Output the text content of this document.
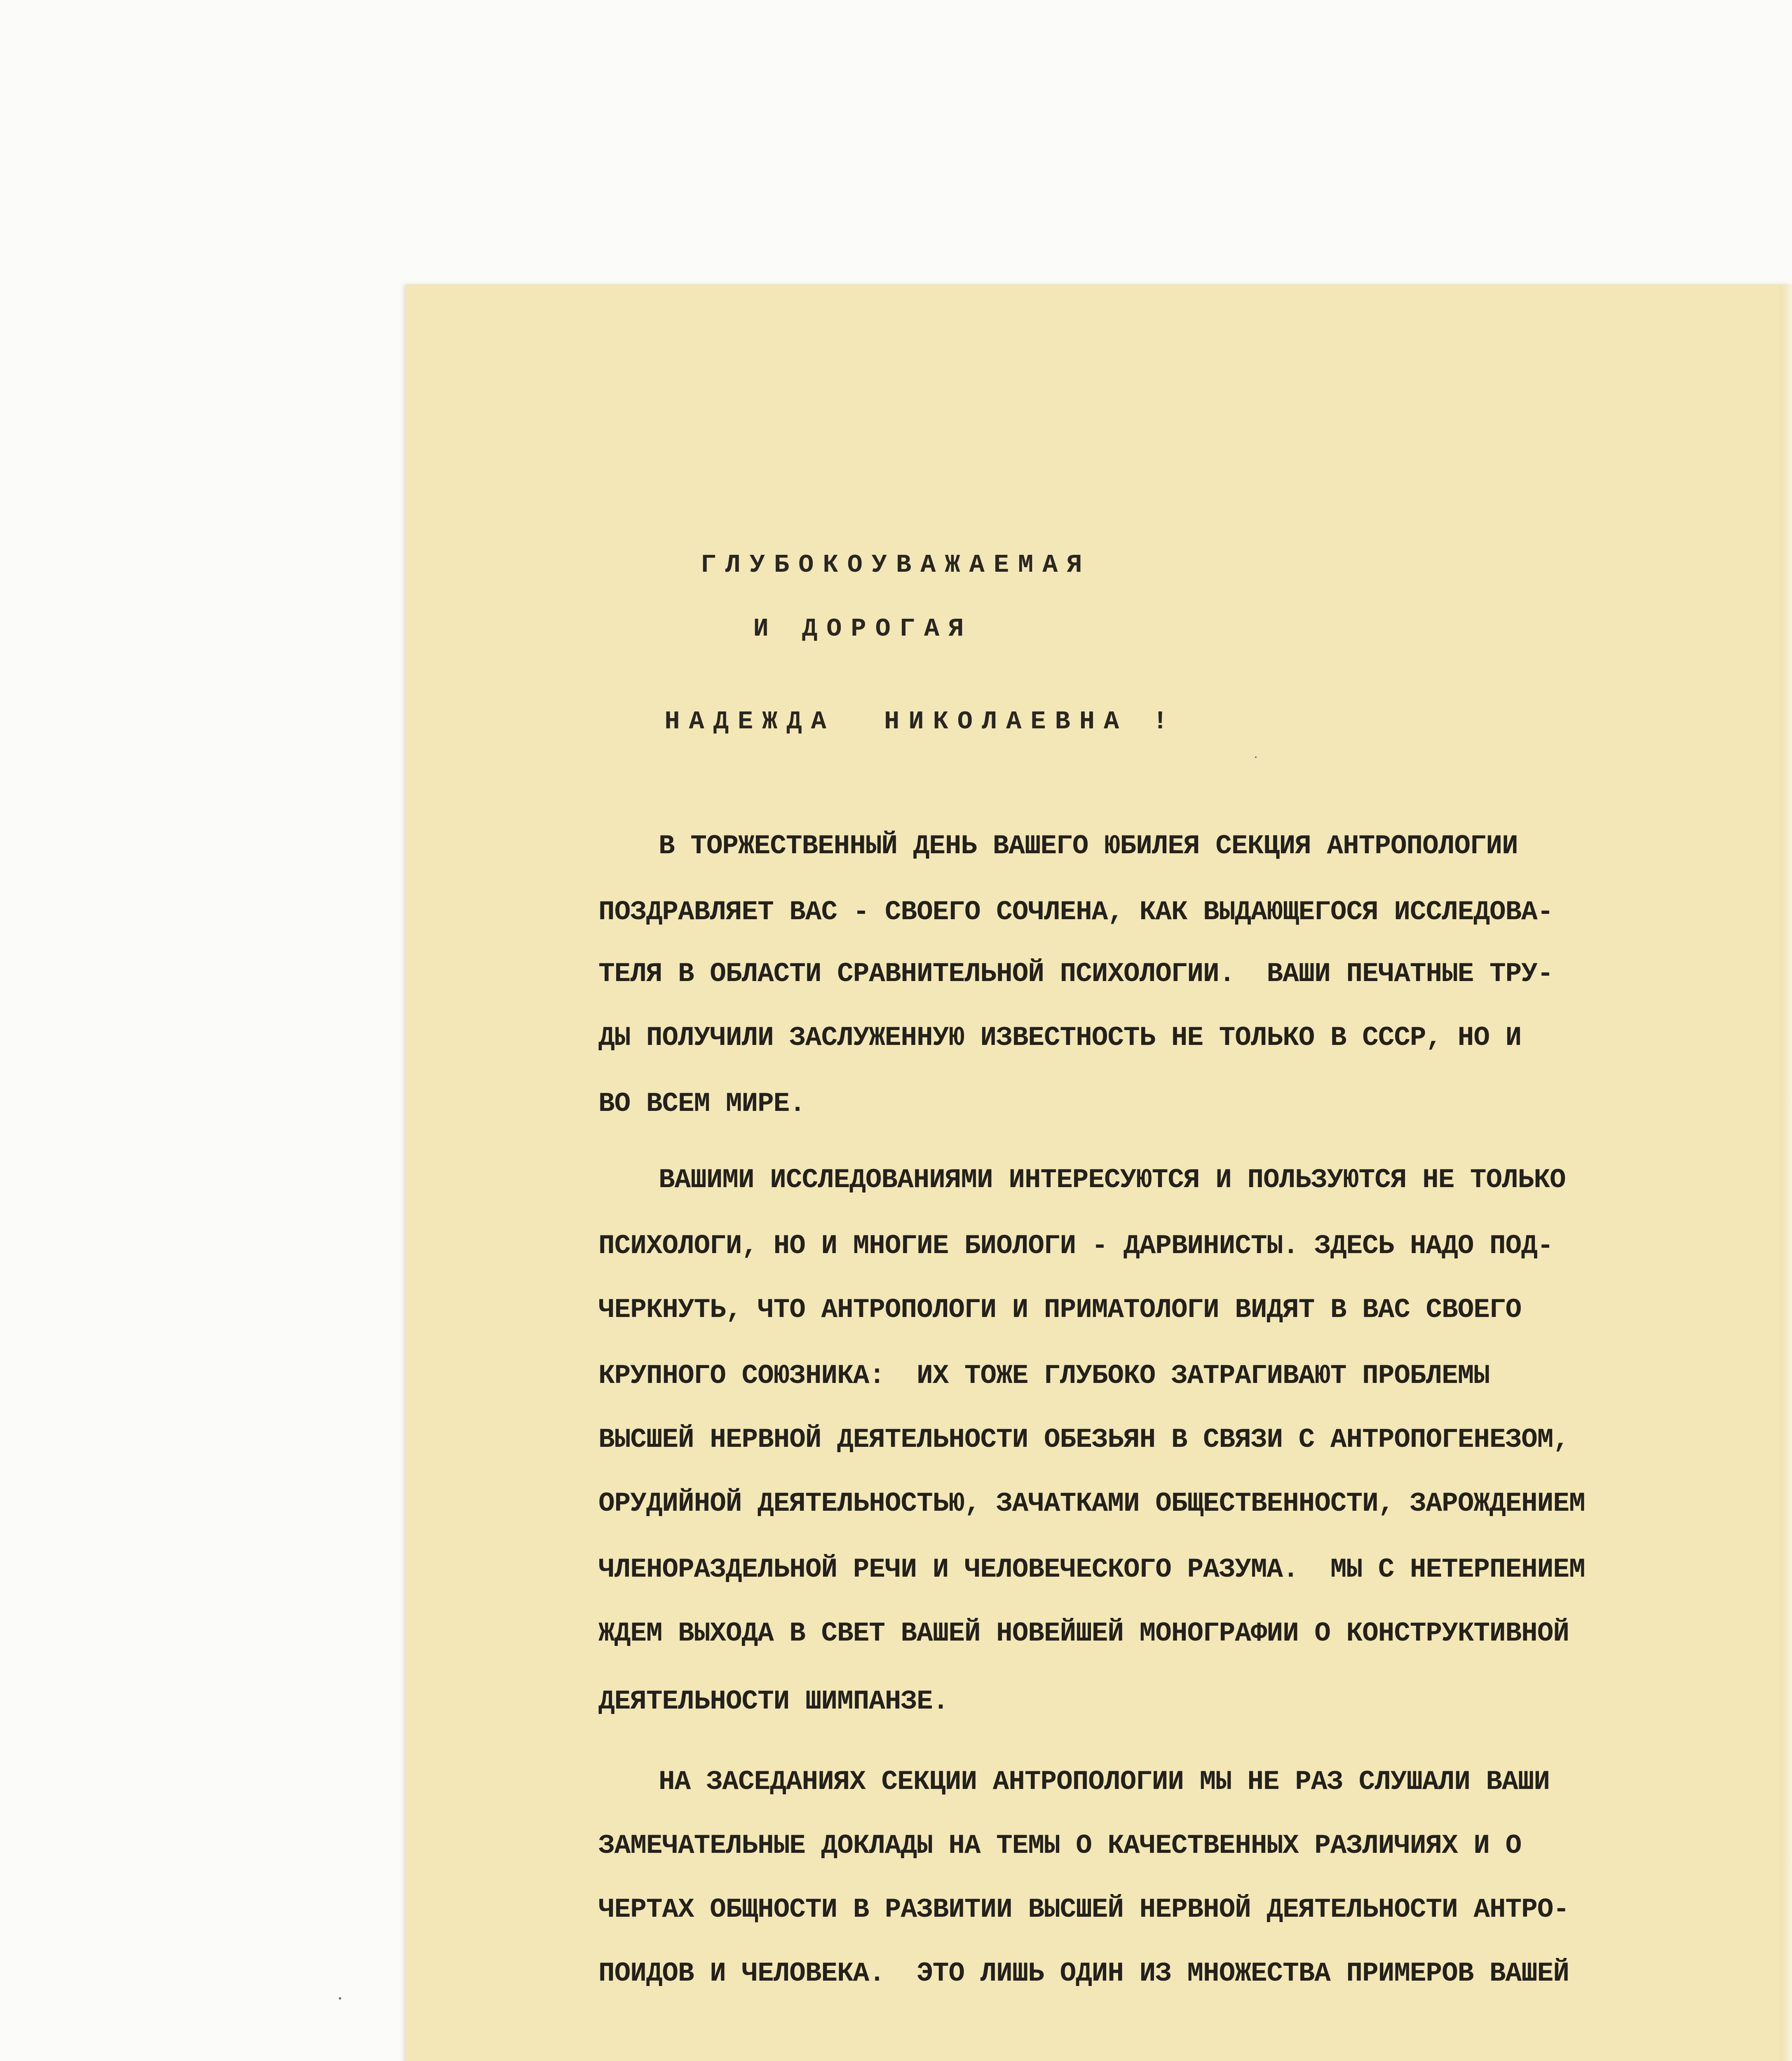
ГЛУБОКОУВАЖАЕМАЯ
И ДОРОГАЯ
НАДЕЖДА  НИКОЛАЕВНА !
В ТОРЖЕСТВЕННЫЙ ДЕНЬ ВАШЕГО ЮБИЛЕЯ СЕКЦИЯ АНТРОПОЛОГИИ
ПОЗДРАВЛЯЕТ ВАС - СВОЕГО СОЧЛЕНА, КАК ВЫДАЮЩЕГОСЯ ИССЛЕДОВА-
ТЕЛЯ В ОБЛАСТИ СРАВНИТЕЛЬНОЙ ПСИХОЛОГИИ.  ВАШИ ПЕЧАТНЫЕ ТРУ-
ДЫ ПОЛУЧИЛИ ЗАСЛУЖЕННУЮ ИЗВЕСТНОСТЬ НЕ ТОЛЬКО В СССР, НО И
ВО ВСЕМ МИРЕ.
ВАШИМИ ИССЛЕДОВАНИЯМИ ИНТЕРЕСУЮТСЯ И ПОЛЬЗУЮТСЯ НЕ ТОЛЬКО
ПСИХОЛОГИ, НО И МНОГИЕ БИОЛОГИ - ДАРВИНИСТЫ. ЗДЕСЬ НАДО ПОД-
ЧЕРКНУТЬ, ЧТО АНТРОПОЛОГИ И ПРИМАТОЛОГИ ВИДЯТ В ВАС СВОЕГО
КРУПНОГО СОЮЗНИКА:  ИХ ТОЖЕ ГЛУБОКО ЗАТРАГИВАЮТ ПРОБЛЕМЫ
ВЫСШЕЙ НЕРВНОЙ ДЕЯТЕЛЬНОСТИ ОБЕЗЬЯН В СВЯЗИ С АНТРОПОГЕНЕЗОМ,
ОРУДИЙНОЙ ДЕЯТЕЛЬНОСТЬЮ, ЗАЧАТКАМИ ОБЩЕСТВЕННОСТИ, ЗАРОЖДЕНИЕМ
ЧЛЕНОРАЗДЕЛЬНОЙ РЕЧИ И ЧЕЛОВЕЧЕСКОГО РАЗУМА.  МЫ С НЕТЕРПЕНИЕМ
ЖДЕМ ВЫХОДА В СВЕТ ВАШЕЙ НОВЕЙШЕЙ МОНОГРАФИИ О КОНСТРУКТИВНОЙ
ДЕЯТЕЛЬНОСТИ ШИМПАНЗЕ.
НА ЗАСЕДАНИЯХ СЕКЦИИ АНТРОПОЛОГИИ МЫ НЕ РАЗ СЛУШАЛИ ВАШИ
ЗАМЕЧАТЕЛЬНЫЕ ДОКЛАДЫ НА ТЕМЫ О КАЧЕСТВЕННЫХ РАЗЛИЧИЯХ И О
ЧЕРТАХ ОБЩНОСТИ В РАЗВИТИИ ВЫСШЕЙ НЕРВНОЙ ДЕЯТЕЛЬНОСТИ АНТРО-
ПОИДОВ И ЧЕЛОВЕКА.  ЭТО ЛИШЬ ОДИН ИЗ МНОЖЕСТВА ПРИМЕРОВ ВАШЕЙ
